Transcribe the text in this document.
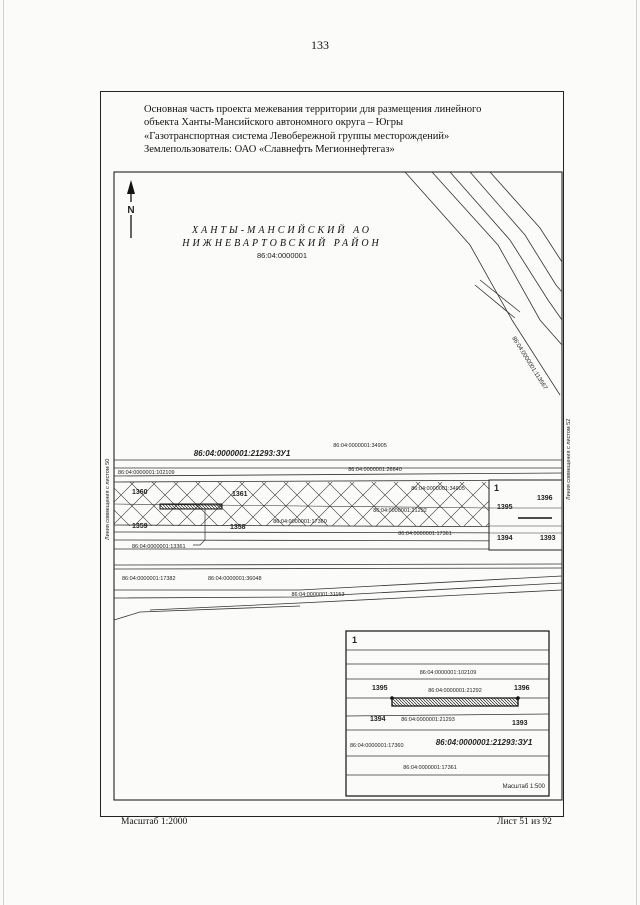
133
Основная часть проекта межевания территории для размещения линейного
объекта Ханты-Мансийского автономного округа – Югры
«Газотранспортная система Левобережной группы месторождений»
Землепользователь: ОАО «Славнефть Мегионнефтегаз»
N
ХАНТЫ-МАНСИЙСКИЙ АО
НИЖНЕВАРТОВСКИЙ РАЙОН
86:04:0000001
86:04:0000001:113567
1
86:04:0000001:34905
86:04:0000001:26640
86:04:0000001:102109
86:04:0000001:34905
86:04:0000001:21292
86:04:0000001:17360
86:04:0000001:17361
86:04:0000001:13361
86:04:0000001:17382	86:04:0000001:36048
86:04:0000001:31153
86:04:0000001:21293:ЗУ1
1360	1361
1359	1358
1395
1396
1394	1393
Линия совмещения с листом 50	Линия совмещения с листом 52
1
86:04:0000001:102109
86:04:0000001:21292
86:04:0000001:21293
86:04:0000001:17360
86:04:0000001:17361
86:04:0000001:21293:ЗУ1
1395	1396
1394
1393
Масштаб 1:500
Масштаб 1:2000	Лист 51 из 92
